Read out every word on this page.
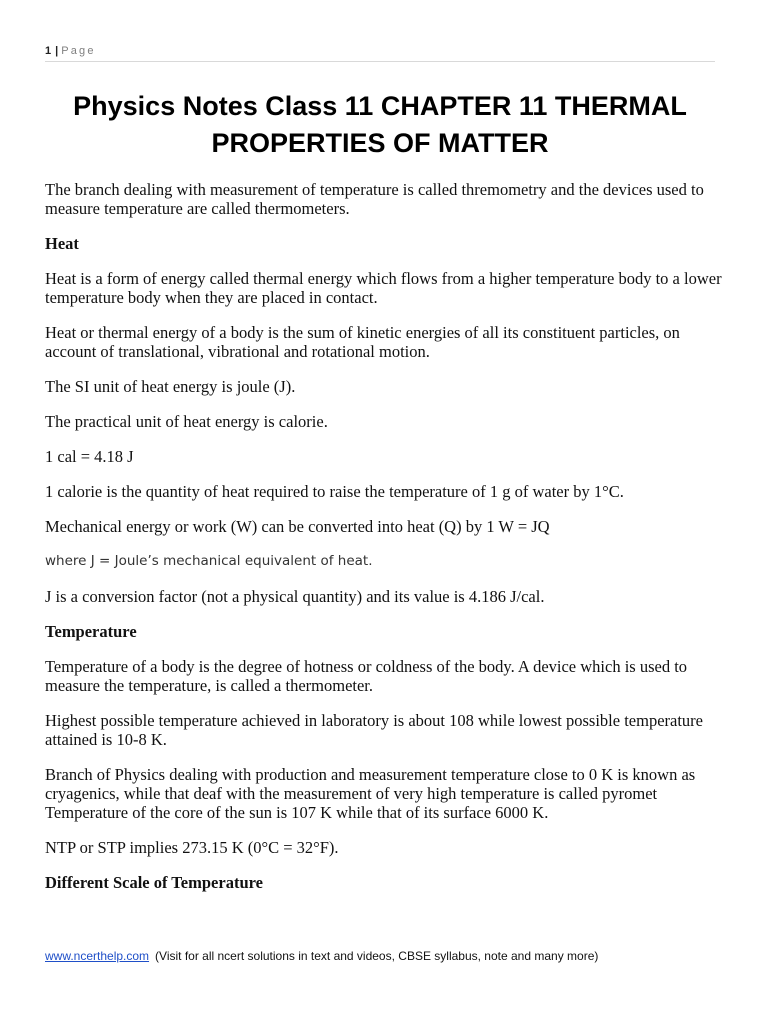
1 | Page
Physics Notes Class 11 CHAPTER 11 THERMAL PROPERTIES OF MATTER

The branch dealing with measurement of temperature is called thremometry and the devices used to measure temperature are called thermometers.

Heat

Heat is a form of energy called thermal energy which flows from a higher temperature body to a lower temperature body when they are placed in contact.

Heat or thermal energy of a body is the sum of kinetic energies of all its constituent particles, on account of translational, vibrational and rotational motion.

The SI unit of heat energy is joule (J).

The practical unit of heat energy is calorie.

1 cal = 4.18 J

1 calorie is the quantity of heat required to raise the temperature of 1 g of water by 1°C.

Mechanical energy or work (W) can be converted into heat (Q) by 1 W = JQ

where J = Joule’s mechanical equivalent of heat.

J is a conversion factor (not a physical quantity) and its value is 4.186 J/cal.

Temperature

Temperature of a body is the degree of hotness or coldness of the body. A device which is used to measure the temperature, is called a thermometer.

Highest possible temperature achieved in laboratory is about 108 while lowest possible temperature attained is 10-8 K.

Branch of Physics dealing with production and measurement temperature close to 0 K is known as cryagenics, while that deaf with the measurement of very high temperature is called pyromet Temperature of the core of the sun is 107 K while that of its surface 6000 K.

NTP or STP implies 273.15 K (0°C = 32°F).

Different Scale of Temperature
www.ncerthelp.com (Visit for all ncert solutions in text and videos, CBSE syllabus, note and many more)
